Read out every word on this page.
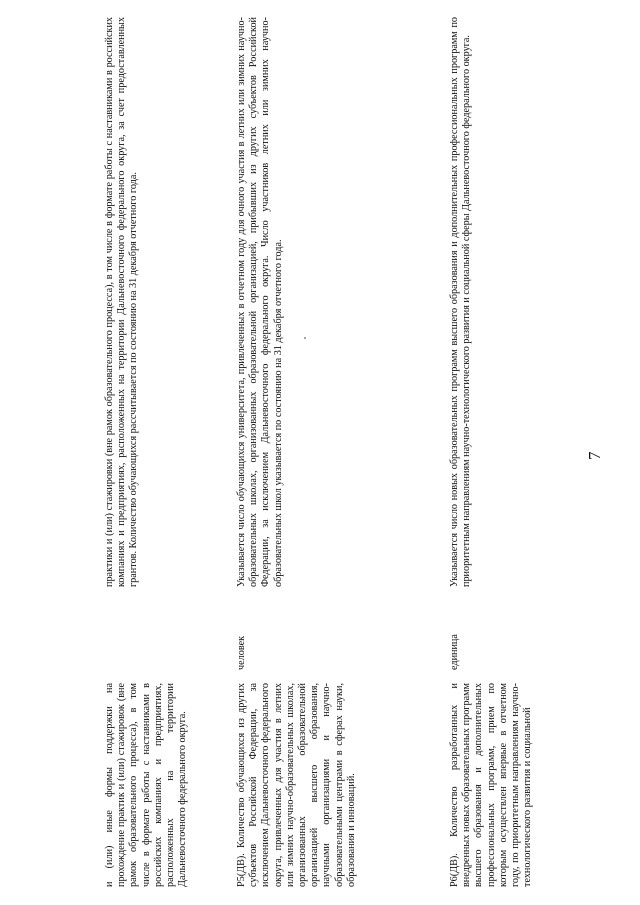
7

и (или) иные формы поддержки на прохождение практик и (или) стажировок (вне рамок образовательного процесса), в том числе в формате работы с наставниками в российских компаниях и предприятиях, расположенных на территории Дальневосточного федерального округа.

практики и (или) стажировки (вне рамок образовательного процесса), в том числе в формате работы с наставниками в российских компаниях и предприятиях, расположенных на территории Дальневосточного федерального округа, за счет предоставленных грантов. Количество обучающихся рассчитывается по состоянию на 31 декабря отчетного года.

Р5(ДВ). Количество обучающихся из других субъектов Российской Федерации, за исключением Дальневосточного федерального округа, привлеченных для участия в летних или зимних научно-образовательных школах, организованных образовательной организацией высшего образования, научными организациями и научно-образовательными центрами в сферах науки, образования и инноваций.

человек

Указывается число обучающихся университета, привлеченных в отчетном году для очного участия в летних или зимних научно-образовательных школах, организованных образовательной организацией, прибывших из других субъектов Российской Федерации, за исключением Дальневосточного федерального округа. Число участников летних или зимних научно-образовательных школ указывается по состоянию на 31 декабря отчетного года.

Р6(ДВ). Количество разработанных и внедренных новых образовательных программ высшего образования и дополнительных профессиональных программ, прием по которым осуществлен впервые в отчетном году, по приоритетным направлениям научно-технологического развития и социальной

единица

Указывается число новых образовательных программ высшего образования и дополнительных профессиональных программ по приоритетным направлениям научно-технологического развития и социальной сферы Дальневосточного федерального округа.
